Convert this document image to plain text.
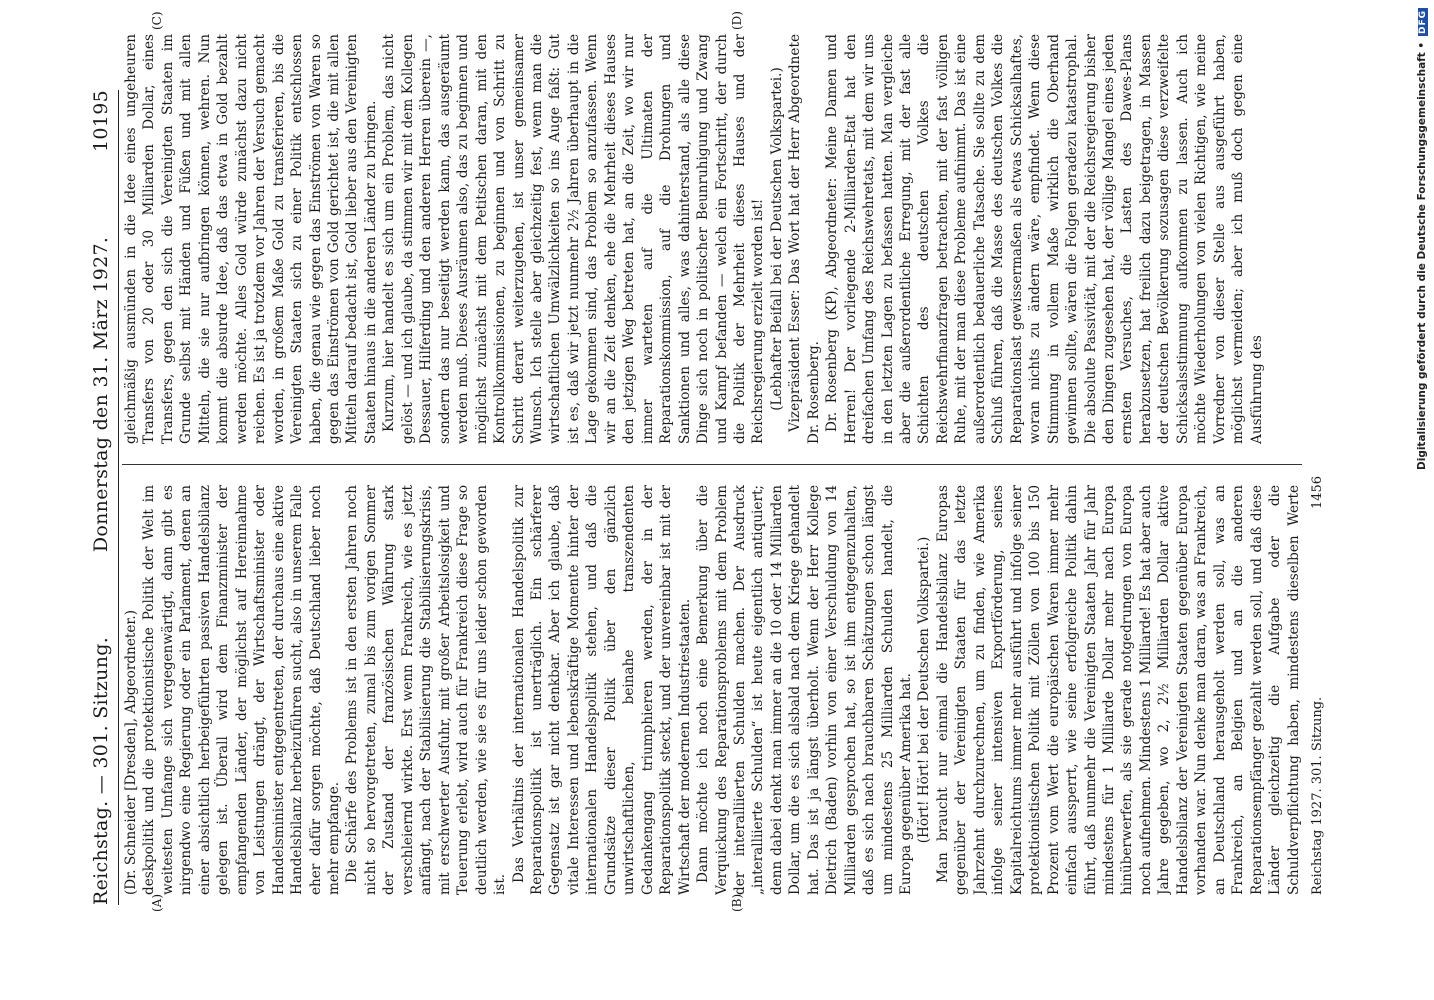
Reichstag. — 301. Sitzung.
Donnerstag den 31. März 1927.
10195

(Dr. Schneider [Dresden], Abgeordneter.) deskpolitik und die protektionistische Politik der Welt im weitesten Umfange sich vergegenwärtigt, dann gibt es nirgendwo eine Regierung oder ein Parlament, denen an einer absichtlich herbeigeführten passiven Handelsbilanz gelegen ist. Überall wird dem Finanzminister der empfangenden Länder, der möglichst auf Hereinnahme von Leistungen drängt, der Wirtschaftsminister oder Handelsminister entgegentreten, der durchaus eine aktive Handelsbilanz herbeizuführen sucht, also in unserem Falle eher dafür sorgen möchte, daß Deutschland lieber noch mehr empfange. Die Schärfe des Problems ist in den ersten Jahren noch nicht so hervorgetreten, zumal bis zum vorigen Sommer der Zustand der französischen Währung stark verschleiernd wirkte. Erst wenn Frankreich, wie es jetzt anfängt, nach der Stabilisierung die Stabilisierungskrisis, mit erschwerter Ausfuhr, mit großer Arbeitslosigkeit und Teuerung erlebt, wird auch für Frankreich diese Frage so deutlich werden, wie sie es für uns leider schon geworden ist.

Das Verhältnis der internationalen Handelspolitik zur Reparationspolitik ist unerträglich. Ein schärferer Gegensatz ist gar nicht denkbar. Aber ich glaube, daß vitale Interessen und lebenskräftige Momente hinter der internationalen Handelspolitik stehen, und daß die Grundsätze dieser Politik über den gänzlich unwirtschaftlichen, beinahe transzendenten Gedankengang triumphieren werden, der in der Reparationspolitik steckt, und der unvereinbar ist mit der Wirtschaft der modernen Industriestaaten. Dann möchte ich noch eine Bemerkung über die Verquickung des Reparationsproblems mit dem Problem der interalliierten Schulden machen. Der Ausdruck „interalliierte Schulden“ ist heute eigentlich antiquiert; denn dabei denkt man immer an die 10 oder 14 Milliarden Dollar, um die es sich alsbald nach dem Kriege gehandelt hat. Das ist ja längst überholt. Wenn der Herr Kollege Dietrich (Baden) vorhin von einer Verschuldung von 14 Milliarden gesprochen hat, so ist ihm entgegenzuhalten, daß es sich nach brauchbaren Schätzungen schon längst um mindestens 25 Milliarden Schulden handelt, die Europa gegenüber Amerika hat. (Hört! Hört! bei der Deutschen Volkspartei.)

Man braucht nur einmal die Handelsbilanz Europas gegenüber der Vereinigten Staaten für das letzte Jahrzehnt durchzurechnen, um zu finden, wie Amerika infolge seiner intensiven Exportförderung, seines Kapitalreichtums immer mehr ausführt und infolge seiner protektionistischen Politik mit Zöllen von 100 bis 150 Prozent vom Wert die europäischen Waren immer mehr einfach aussperrt, wie seine erfolgreiche Politik dahin führt, daß nunmehr die Vereinigten Staaten Jahr für Jahr mindestens für 1 Milliarde Dollar mehr nach Europa hinüberwerfen, als sie gerade notgedrungen von Europa noch aufnehmen. Mindestens 1 Milliarde! Es hat aber auch Jahre gegeben, wo 2, 2½ Milliarden Dollar aktive Handelsbilanz der Vereinigten Staaten gegenüber Europa vorhanden war. Nun denke man daran, was an Frankreich, an Deutschland herausgeholt werden soll, was an Frankreich, an Belgien und an die anderen Reparationsempfänger gezahlt werden soll, und daß diese Länder gleichzeitig die Aufgabe oder die Schuldverpflichtung haben, mindestens dieselben Werte

gleichmäßig ausmünden in die Idee eines ungeheuren Transfers von 20 oder 30 Milliarden Dollar, eines Transfers, gegen den sich die Vereinigten Staaten im Grunde selbst mit Händen und Füßen und mit allen Mitteln, die sie nur aufbringen können, wehren. Nun kommt die absurde Idee, daß das etwa in Gold bezahlt werden möchte. Alles Gold würde zunächst dazu nicht reichen. Es ist ja trotzdem vor Jahren der Versuch gemacht worden, in großem Maße Gold zu transferieren, bis die Vereinigten Staaten sich zu einer Politik entschlossen haben, die genau wie gegen das Einströmen von Waren so gegen das Einströmen von Gold gerichtet ist, die mit allen Mitteln darauf bedacht ist, Gold lieber aus den Vereinigten Staaten hinaus in die anderen Länder zu bringen. Kurzum, hier handelt es sich um ein Problem, das nicht gelöst — und ich glaube, da stimmen wir mit dem Kollegen Dessauer, Hilferding und den anderen Herren überein —, sondern das nur beseitigt werden kann, das ausgeräumt werden muß. Dieses Ausräumen also, das zu beginnen und möglichst zunächst mit dem Petitschen daran, mit den Kontrollkommissionen, zu beginnen und von Schritt zu Schritt derart weiterzugehen, ist unser gemeinsamer Wunsch. Ich stelle aber gleichzeitig fest, wenn man die wirtschaftlichen Umwälzlichkeiten so ins Auge faßt: Gut ist es, daß wir jetzt nunmehr 2½ Jahren überhaupt in die Lage gekommen sind, das Problem so anzufassen. Wenn wir an die Zeit denken, ehe die Mehrheit dieses Hauses den jetzigen Weg betreten hat, an die Zeit, wo wir nur immer warteten auf die Ultimaten der Reparationskommission, auf die Drohungen und Sanktionen und alles, was dahinterstand, als alle diese Dinge sich noch in politischer Beunruhigung und Zwang und Kampf befanden — welch ein Fortschritt, der durch die Politik der Mehrheit dieses Hauses und der Reichsregierung erzielt worden ist! (Lebhafter Beifall bei der Deutschen Volkspartei.) Vizepräsident Esser: Das Wort hat der Herr Abgeordnete Dr. Rosenberg. Dr. Rosenberg (KP), Abgeordneter: Meine Damen und Herren! Der vorliegende 2-Milliarden-Etat hat den dreifachen Umfang des Reichswehretats, mit dem wir uns in den letzten Lagen zu befassen hatten. Man vergleiche aber die außerordentliche Erregung, mit der fast alle Schichten des deutschen Volkes die Reichswehrfinanzfragen betrachten, mit der fast völligen Ruhe, mit der man diese Probleme aufnimmt. Das ist eine außerordentlich bedauerliche Tatsache. Sie sollte zu dem Schluß führen, daß die Masse des deutschen Volkes die Reparationslast gewissermaßen als etwas Schicksalhaftes, woran nichts zu ändern wäre, empfindet. Wenn diese Stimmung in vollem Maße wirklich die Oberhand gewinnen sollte, wären die Folgen geradezu katastrophal. Die absolute Passivität, mit der die Reichsregierung bisher den Dingen zugesehen hat, der völlige Mangel eines jeden ernsten Versuches, die Lasten des Dawes-Plans herabzusetzen, hat freilich dazu beigetragen, in Massen der deutschen Bevölkerung sozusagen diese verzweifelte Schicksalsstimmung aufkommen zu lassen. Auch ich möchte Wiederholungen von vielen Richtigen, wie meine Vorredner von dieser Stelle aus ausgeführt haben, möglichst vermeiden; aber ich muß doch gegen eine Ausführung des

(A)	(B)
(C)	(D)
Reichstag 1927. 301. Sitzung.
1456
Digitalisierung gefördert durch die Deutsche Forschungsgemeinschaft •
DFG
